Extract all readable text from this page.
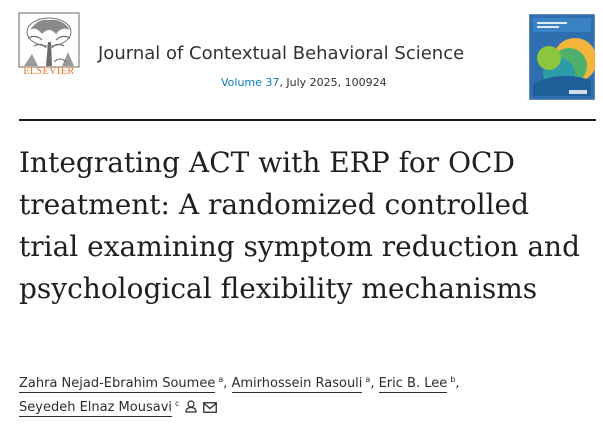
ELSEVIER
Journal of Contextual Behavioral Science
Volume 37, July 2025, 100924
Integrating ACT with ERP for OCD treatment: A randomized controlled trial examining symptom reduction and psychological flexibility mechanisms
Zahra Nejad-Ebrahim Soumee $^a$, Amirhossein Rasouli $^a$, Eric B. Lee $^b$,
Seyedeh Elnaz Mousavi $^c$
